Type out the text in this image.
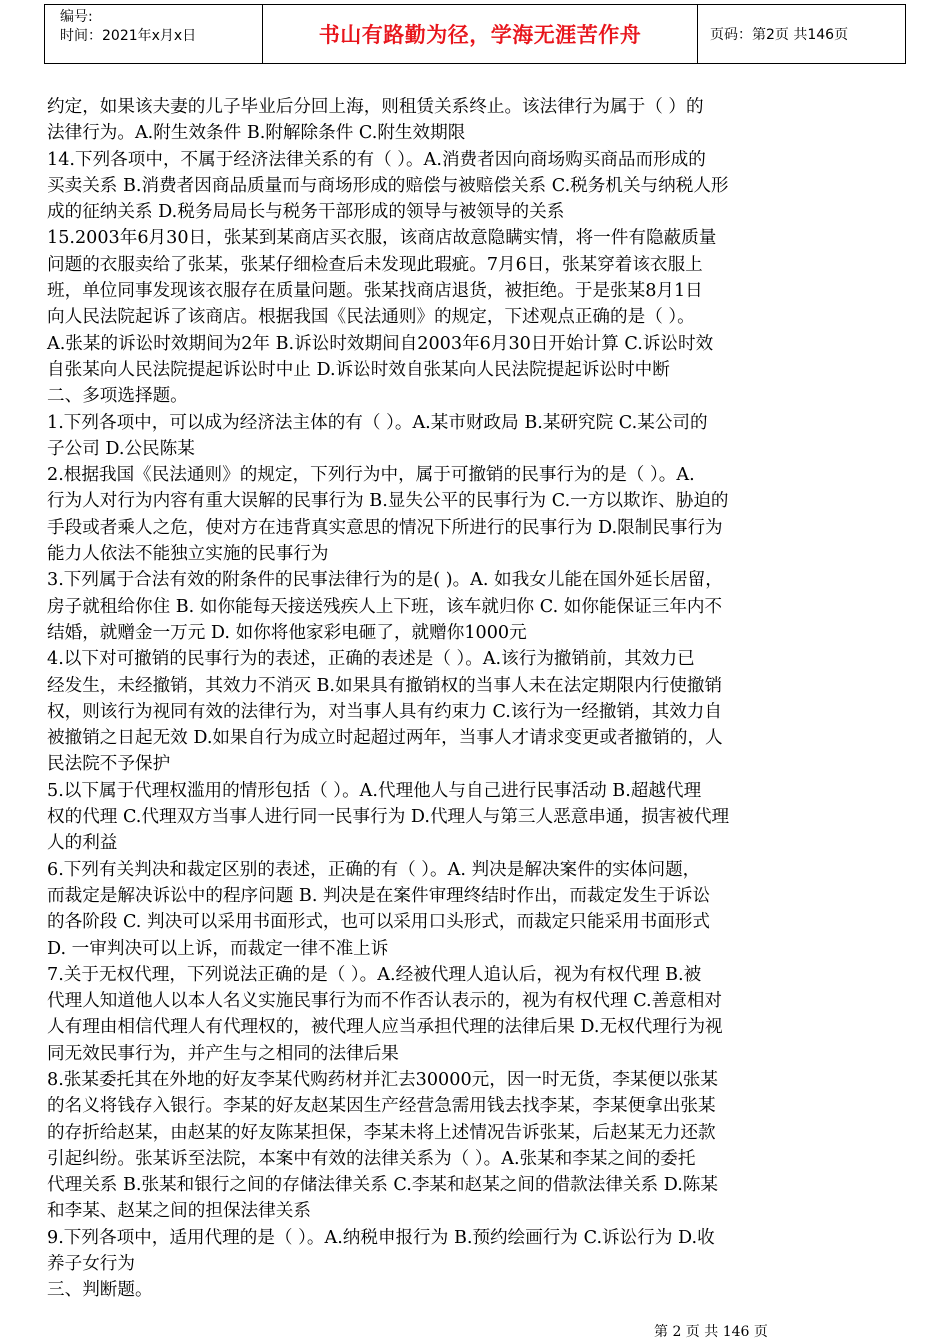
编号:
时间：2021年x月x日	书山有路勤为径，学海无涯苦作舟	页码：第2页 共146页
约定，如果该夫妻的儿子毕业后分回上海，则租赁关系终止。该法律行为属于（ ）的
法律行为。A.附生效条件 B.附解除条件 C.附生效期限
14.下列各项中，不属于经济法律关系的有（ ）。A.消费者因向商场购买商品而形成的
买卖关系 B.消费者因商品质量而与商场形成的赔偿与被赔偿关系 C.税务机关与纳税人形
成的征纳关系 D.税务局局长与税务干部形成的领导与被领导的关系
15.2003年6月30日，张某到某商店买衣服，该商店故意隐瞒实情，将一件有隐蔽质量
问题的衣服卖给了张某，张某仔细检查后未发现此瑕疵。7月6日，张某穿着该衣服上
班，单位同事发现该衣服存在质量问题。张某找商店退货，被拒绝。于是张某8月1日
向人民法院起诉了该商店。根据我国《民法通则》的规定，下述观点正确的是（ ）。
A.张某的诉讼时效期间为2年 B.诉讼时效期间自2003年6月30日开始计算 C.诉讼时效
自张某向人民法院提起诉讼时中止 D.诉讼时效自张某向人民法院提起诉讼时中断
二、多项选择题。
1.下列各项中，可以成为经济法主体的有（ ）。A.某市财政局 B.某研究院 C.某公司的
子公司 D.公民陈某
2.根据我国《民法通则》的规定，下列行为中，属于可撤销的民事行为的是（ ）。A.
行为人对行为内容有重大误解的民事行为 B.显失公平的民事行为 C.一方以欺诈、胁迫的
手段或者乘人之危，使对方在违背真实意思的情况下所进行的民事行为 D.限制民事行为
能力人依法不能独立实施的民事行为
3.下列属于合法有效的附条件的民事法律行为的是( )。A. 如我女儿能在国外延长居留，
房子就租给你住 B. 如你能每天接送残疾人上下班，该车就归你 C. 如你能保证三年内不
结婚，就赠金一万元 D. 如你将他家彩电砸了，就赠你1000元
4.以下对可撤销的民事行为的表述，正确的表述是（ ）。A.该行为撤销前，其效力已
经发生，未经撤销，其效力不消灭 B.如果具有撤销权的当事人未在法定期限内行使撤销
权，则该行为视同有效的法律行为，对当事人具有约束力 C.该行为一经撤销，其效力自
被撤销之日起无效 D.如果自行为成立时起超过两年，当事人才请求变更或者撤销的，人
民法院不予保护
5.以下属于代理权滥用的情形包括（ ）。A.代理他人与自己进行民事活动 B.超越代理
权的代理 C.代理双方当事人进行同一民事行为 D.代理人与第三人恶意串通，损害被代理
人的利益
6.下列有关判决和裁定区别的表述，正确的有（ ）。A. 判决是解决案件的实体问题，
而裁定是解决诉讼中的程序问题 B. 判决是在案件审理终结时作出，而裁定发生于诉讼
的各阶段 C. 判决可以采用书面形式，也可以采用口头形式，而裁定只能采用书面形式
D. 一审判决可以上诉，而裁定一律不准上诉
7.关于无权代理，下列说法正确的是（ ）。A.经被代理人追认后，视为有权代理 B.被
代理人知道他人以本人名义实施民事行为而不作否认表示的，视为有权代理 C.善意相对
人有理由相信代理人有代理权的，被代理人应当承担代理的法律后果 D.无权代理行为视
同无效民事行为，并产生与之相同的法律后果
8.张某委托其在外地的好友李某代购药材并汇去30000元，因一时无货，李某便以张某
的名义将钱存入银行。李某的好友赵某因生产经营急需用钱去找李某，李某便拿出张某
的存折给赵某，由赵某的好友陈某担保，李某未将上述情况告诉张某，后赵某无力还款
引起纠纷。张某诉至法院，本案中有效的法律关系为（ ）。A.张某和李某之间的委托
代理关系 B.张某和银行之间的存储法律关系 C.李某和赵某之间的借款法律关系 D.陈某
和李某、赵某之间的担保法律关系
9.下列各项中，适用代理的是（ ）。A.纳税申报行为 B.预约绘画行为 C.诉讼行为 D.收
养子女行为
三、判断题。
第 2 页 共 146 页
